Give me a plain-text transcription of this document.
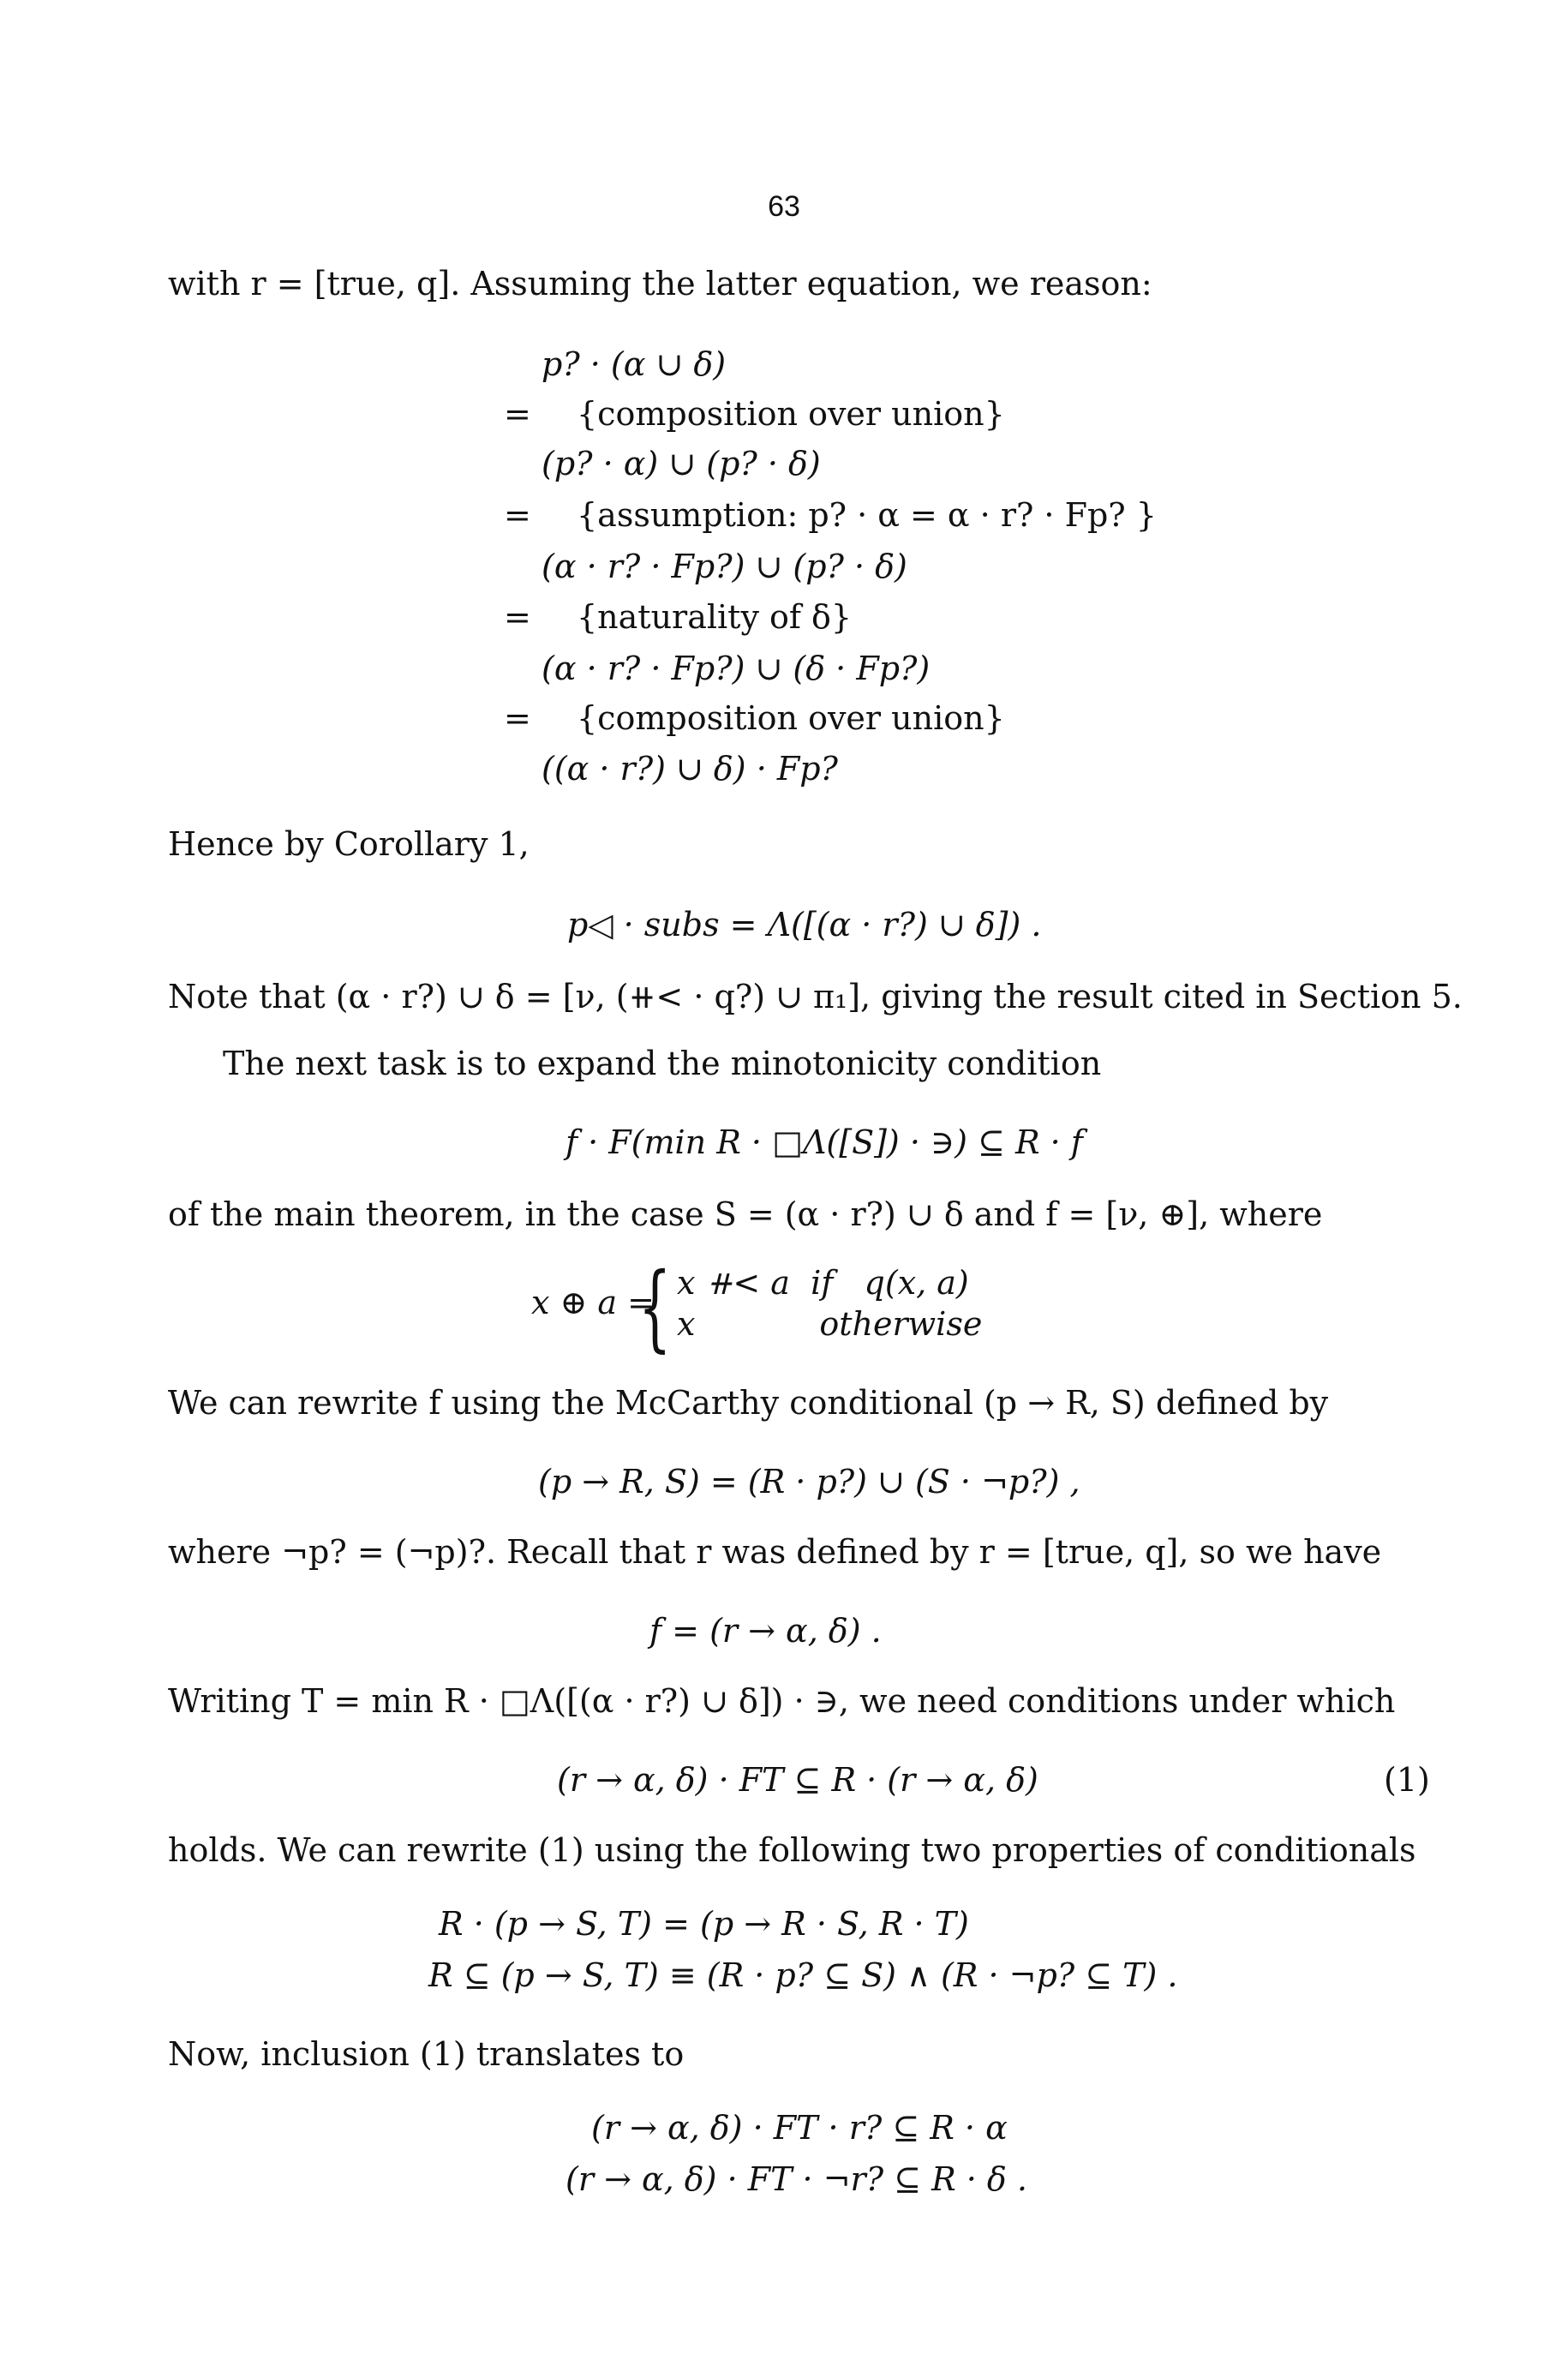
63
with r = [true, q]. Assuming the latter equation, we reason:
p? · (α ∪ δ)
= {composition over union}
(p? · α) ∪ (p? · δ)
= {assumption: p? · α = α · r? · Fp? }
(α · r? · Fp?) ∪ (p? · δ)
= {naturality of δ}
(α · r? · Fp?) ∪ (δ · Fp?)
= {composition over union}
((α · r?) ∪ δ) · Fp?
Hence by Corollary 1,
p◁ · subs = Λ([(α · r?) ∪ δ]) .
Note that (α · r?) ∪ δ = [ν, (⧺< · q?) ∪ π₁], giving the result cited in Section 5.
The next task is to expand the minotonicity condition
f · F(min R · □Λ([S]) · ∋) ⊆ R · f
of the main theorem, in the case S = (α · r?) ∪ δ and f = [ν, ⊕], where
x ⊕ a =
{ x ⧺< a  if   q(x, a)
x            otherwise
We can rewrite f using the McCarthy conditional (p → R, S) defined by
(p → R, S) = (R · p?) ∪ (S · ¬p?) ,
where ¬p? = (¬p)?. Recall that r was defined by r = [true, q], so we have
f = (r → α, δ) .
Writing T = min R · □Λ([(α · r?) ∪ δ]) · ∋, we need conditions under which
(r → α, δ) · FT ⊆ R · (r → α, δ)	(1)
holds. We can rewrite (1) using the following two properties of conditionals
R · (p → S, T) = (p → R · S, R · T)
R ⊆ (p → S, T) ≡ (R · p? ⊆ S) ∧ (R · ¬p? ⊆ T) .
Now, inclusion (1) translates to
(r → α, δ) · FT · r? ⊆ R · α
(r → α, δ) · FT · ¬r? ⊆ R · δ .
